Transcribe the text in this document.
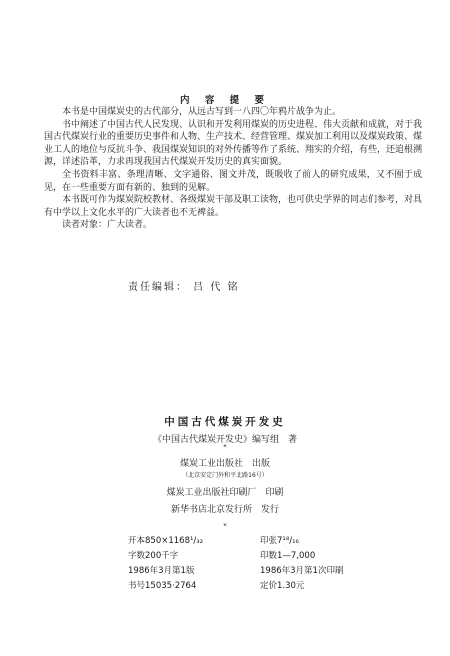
内 容 提 要

本书是中国煤炭史的古代部分，从远古写到一八四〇年鸦片战争为止。

书中阐述了中国古代人民发现、认识和开发利用煤炭的历史进程、伟大贡献和成就，对于我国古代煤炭行业的重要历史事件和人物、生产技术、经营管理、煤炭加工利用以及煤炭政策、煤业工人的地位与反抗斗争、我国煤炭知识的对外传播等作了系统、翔实的介绍，有些，还追根溯源，详述沿革，力求再现我国古代煤炭开发历史的真实面貌。

全书资料丰富、条理清晰、文字通俗、图文并茂，既吸收了前人的研究成果，又不囿于成见，在一些重要方面有新的、独到的见解。

本书既可作为煤炭院校教材、各级煤炭干部及职工读物，也可供史学界的同志们参考，对具有中学以上文化水平的广大读者也不无裨益。

读者对象：广大读者。

责任编辑： 吕 代 铭
中国古代煤炭开发史
《中国古代煤炭开发史》编写组　著
*
煤炭工业出版社　出版
（北京安定门外和平北路16号）
煤炭工业出版社印刷厂　印刷
新华书店北京发行所　发行
*
开本850×1168¹/₃₂	印张7¹⁸/₁₆
字数200千字	印数1—7,000
1986年3月第1版	1986年3月第1次印刷
书号15035·2764	定价1.30元
